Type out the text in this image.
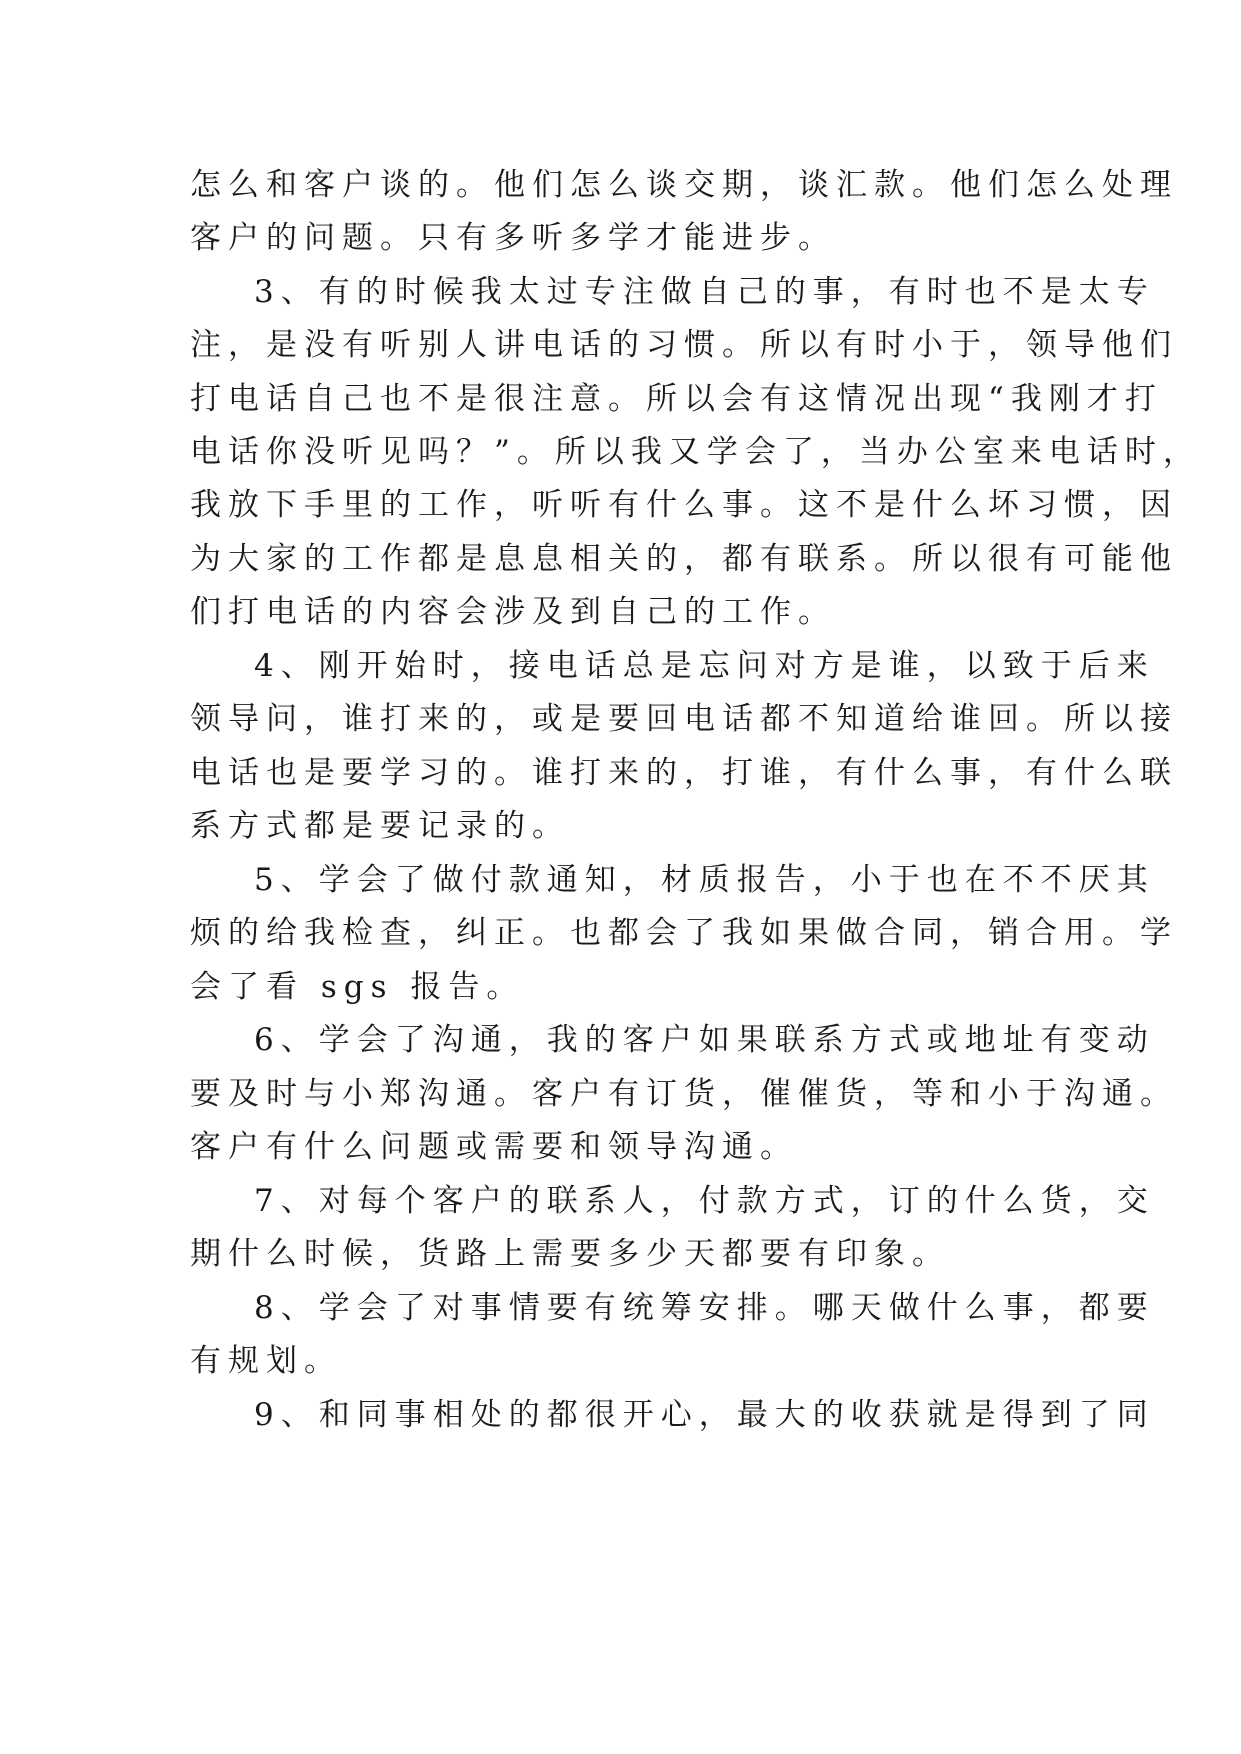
怎么和客户谈的。他们怎么谈交期，谈汇款。他们怎么处理
客户的问题。只有多听多学才能进步。
3、有的时候我太过专注做自己的事，有时也不是太专
注，是没有听别人讲电话的习惯。所以有时小于，领导他们
打电话自己也不是很注意。所以会有这情况出现“我刚才打
电话你没听见吗？”。所以我又学会了，当办公室来电话时，
我放下手里的工作，听听有什么事。这不是什么坏习惯，因
为大家的工作都是息息相关的，都有联系。所以很有可能他
们打电话的内容会涉及到自己的工作。
4、刚开始时，接电话总是忘问对方是谁，以致于后来
领导问，谁打来的，或是要回电话都不知道给谁回。所以接
电话也是要学习的。谁打来的，打谁，有什么事，有什么联
系方式都是要记录的。
5、学会了做付款通知，材质报告，小于也在不不厌其
烦的给我检查，纠正。也都会了我如果做合同，销合用。学
会了看 sgs 报告。
6、学会了沟通，我的客户如果联系方式或地址有变动
要及时与小郑沟通。客户有订货，催催货，等和小于沟通。
客户有什么问题或需要和领导沟通。
7、对每个客户的联系人，付款方式，订的什么货，交
期什么时候，货路上需要多少天都要有印象。
8、学会了对事情要有统筹安排。哪天做什么事，都要
有规划。
9、和同事相处的都很开心，最大的收获就是得到了同
